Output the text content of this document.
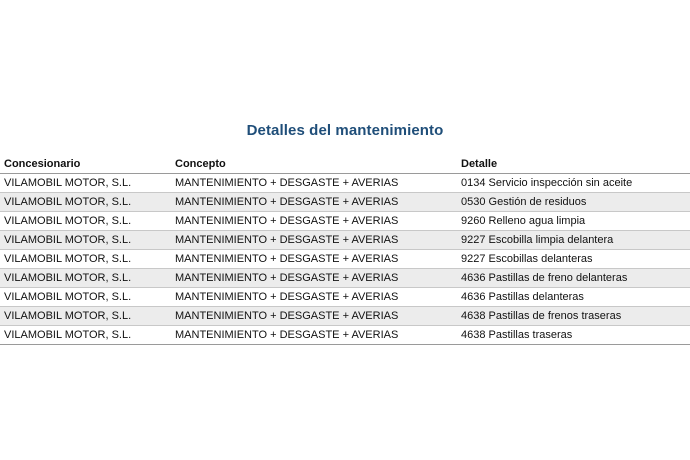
Detalles del mantenimiento
Concesionario	Concepto	Detalle
VILAMOBIL MOTOR, S.L.	MANTENIMIENTO + DESGASTE + AVERIAS	0134 Servicio inspección sin aceite
VILAMOBIL MOTOR, S.L.	MANTENIMIENTO + DESGASTE + AVERIAS	0530 Gestión de residuos
VILAMOBIL MOTOR, S.L.	MANTENIMIENTO + DESGASTE + AVERIAS	9260 Relleno agua limpia
VILAMOBIL MOTOR, S.L.	MANTENIMIENTO + DESGASTE + AVERIAS	9227 Escobilla limpia delantera
VILAMOBIL MOTOR, S.L.	MANTENIMIENTO + DESGASTE + AVERIAS	9227 Escobillas delanteras
VILAMOBIL MOTOR, S.L.	MANTENIMIENTO + DESGASTE + AVERIAS	4636 Pastillas de freno delanteras
VILAMOBIL MOTOR, S.L.	MANTENIMIENTO + DESGASTE + AVERIAS	4636 Pastillas delanteras
VILAMOBIL MOTOR, S.L.	MANTENIMIENTO + DESGASTE + AVERIAS	4638 Pastillas de frenos traseras
VILAMOBIL MOTOR, S.L.	MANTENIMIENTO + DESGASTE + AVERIAS	4638 Pastillas traseras
